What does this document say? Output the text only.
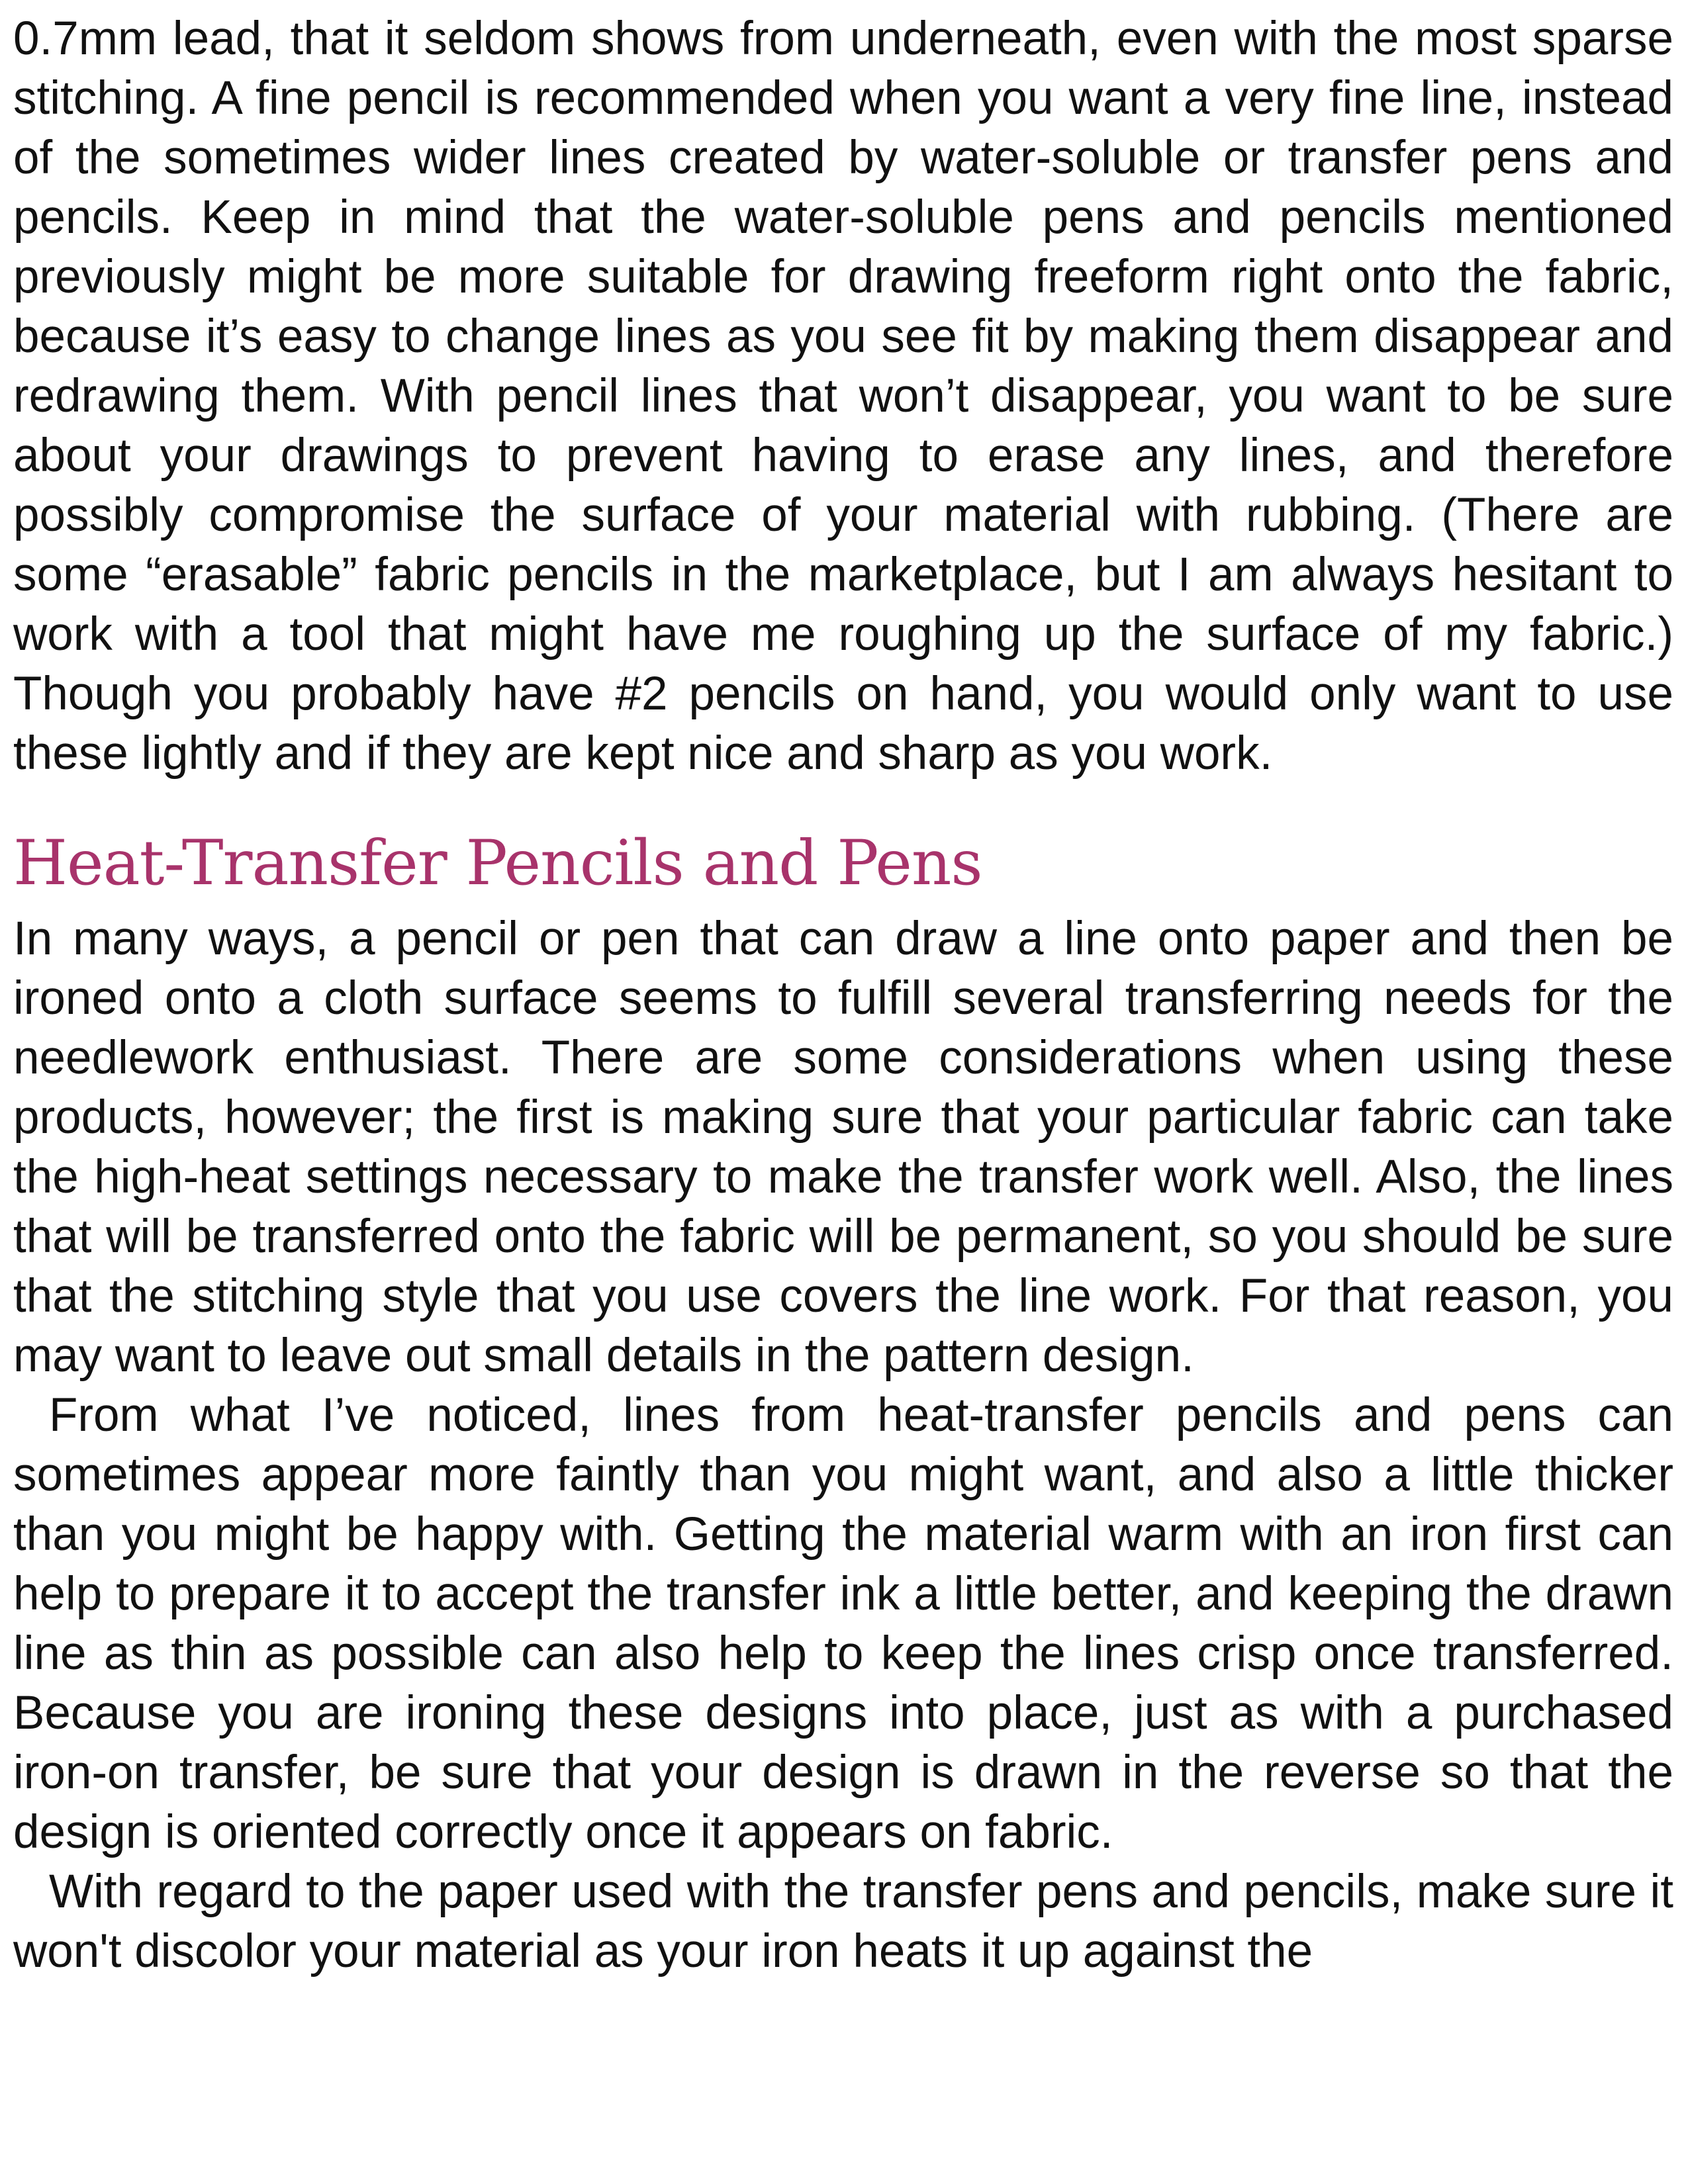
0.7mm lead, that it seldom shows from underneath, even with the most sparse stitching. A fine pencil is recommended when you want a very fine line, instead of the sometimes wider lines created by water-soluble or transfer pens and pencils. Keep in mind that the water-soluble pens and pencils mentioned previously might be more suitable for drawing freeform right onto the fabric, because it’s easy to change lines as you see fit by making them disappear and redrawing them. With pencil lines that won’t disappear, you want to be sure about your drawings to prevent having to erase any lines, and therefore possibly compromise the surface of your material with rubbing. (There are some “erasable” fabric pencils in the marketplace, but I am always hesitant to work with a tool that might have me roughing up the surface of my fabric.) Though you probably have #2 pencils on hand, you would only want to use these lightly and if they are kept nice and sharp as you work.

Heat-Transfer Pencils and Pens

In many ways, a pencil or pen that can draw a line onto paper and then be ironed onto a cloth surface seems to fulfill several transferring needs for the needlework enthusiast. There are some considerations when using these products, however; the first is making sure that your particular fabric can take the high-heat settings necessary to make the transfer work well. Also, the lines that will be transferred onto the fabric will be permanent, so you should be sure that the stitching style that you use covers the line work. For that reason, you may want to leave out small details in the pattern design.

From what I’ve noticed, lines from heat-transfer pencils and pens can sometimes appear more faintly than you might want, and also a little thicker than you might be happy with. Getting the material warm with an iron first can help to prepare it to accept the transfer ink a little better, and keeping the drawn line as thin as possible can also help to keep the lines crisp once transferred. Because you are ironing these designs into place, just as with a purchased iron-on transfer, be sure that your design is drawn in the reverse so that the design is oriented correctly once it appears on fabric.

With regard to the paper used with the transfer pens and pencils, make sure it won't discolor your material as your iron heats it up against the
